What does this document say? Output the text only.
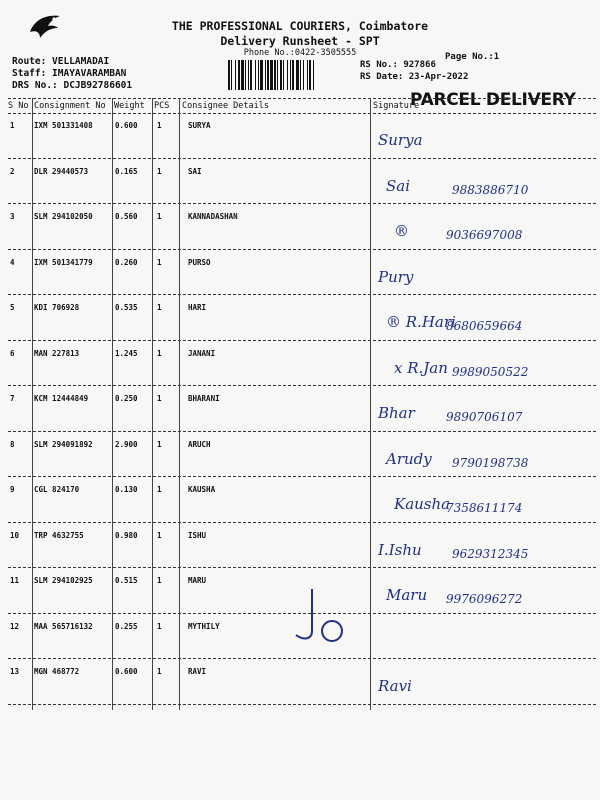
THE PROFESSIONAL COURIERS, Coimbatore
Delivery Runsheet - SPT
Phone No.:0422-3505555	Page No.:1
RS No.: 927866
RS Date: 23-Apr-2022
Route: VELLAMADAI
Staff: IMAYAVARAMBAN
DRS No.: DCJB92786601
PARCEL DELIVERY
S No Consignment No Weight PCS Consignee Details	Signature
1	IXM 501331408	0.600	1	SURYA
Surya
2	DLR 29440573	0.165	1	SAI
Sai	9883886710
3	SLM 294102050	0.560	1	KANNADASHAN
®	9036697008
4	IXM 501341779	0.260	1	PURSO
Pury
5	KDI 706928	0.535	1	HARI
® R.Hari
8680659664
6	MAN 227813	1.245	1	JANANI
x R.Jan 9989050522
7	KCM 12444849	0.250	1	BHARANI
Bhar	9890706107
8	SLM 294091892	2.900	1	ARUCH
Arudy 9790198738
9	CGL 824170	0.130	1	KAUSHA
Kausha
7358611174
10 TRP 4632755	0.980	1	ISHU
I.Ishu	9629312345
11 SLM 294102925	0.515	1	MARU
Maru 9976096272
12 MAA 565716132	0.255	1	MYTHILY
13 MGN 468772	0.600	1	RAVI
Ravi
